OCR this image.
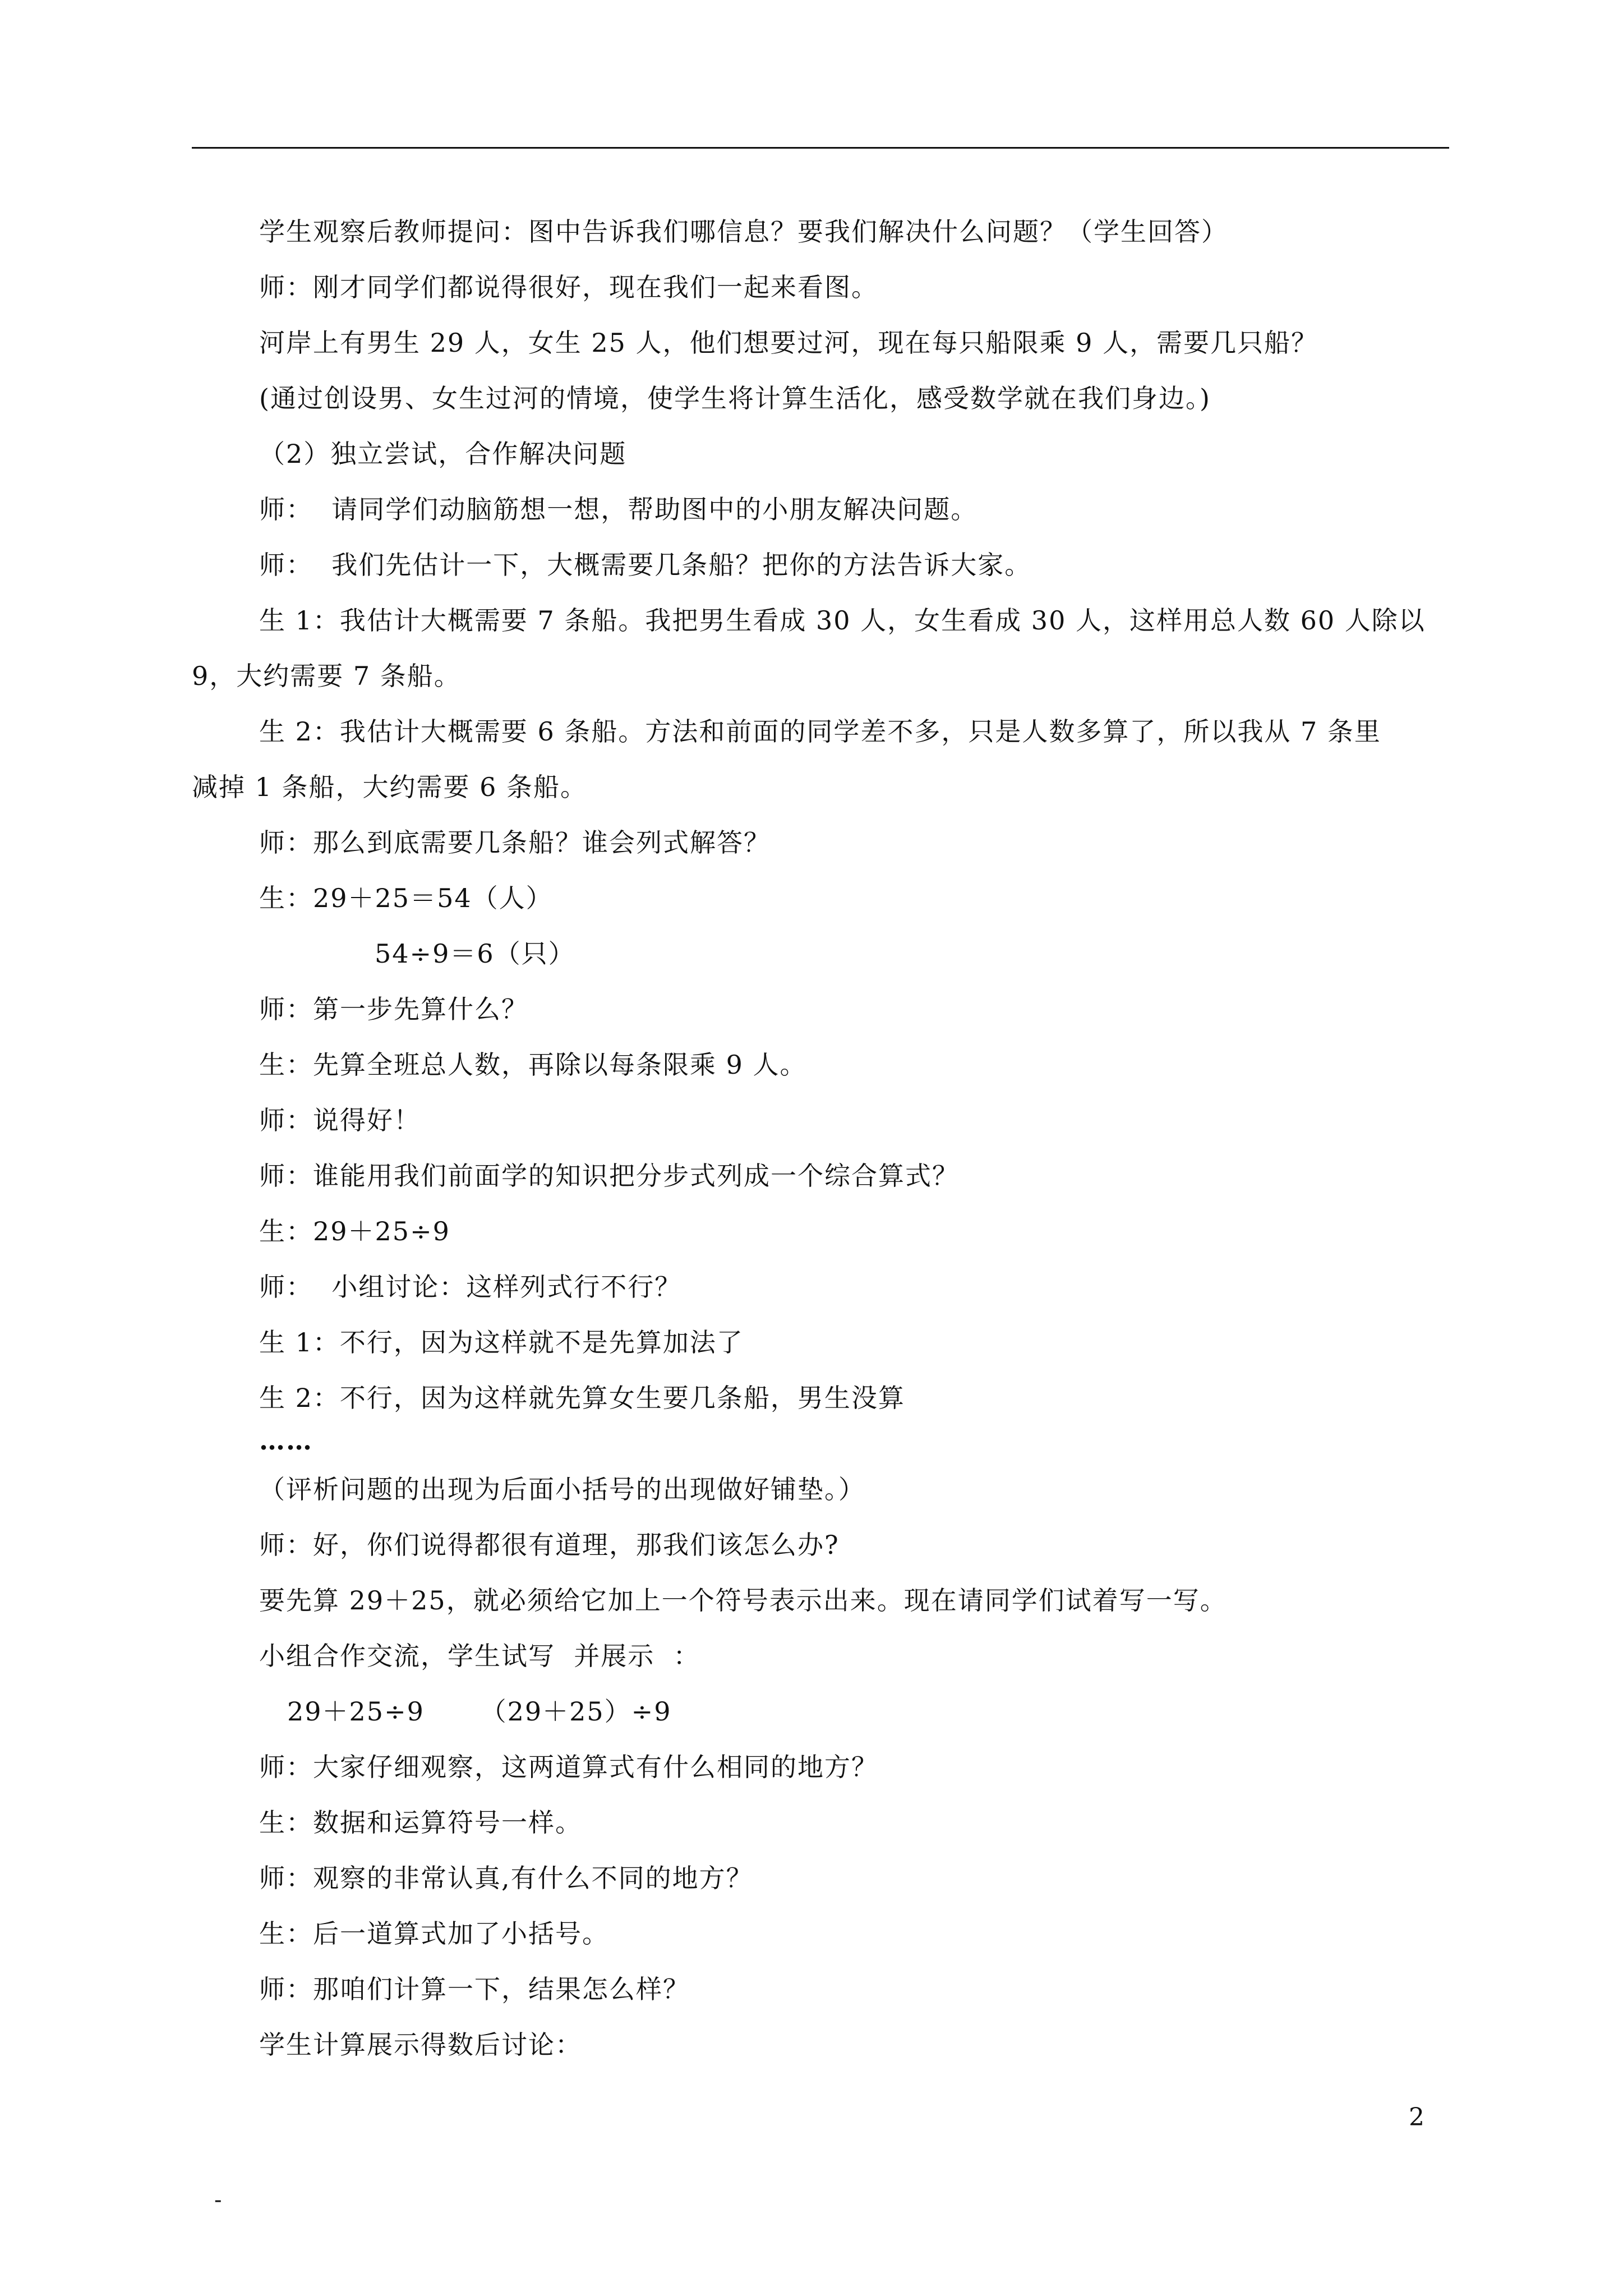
学生观察后教师提问：图中告诉我们哪信息？要我们解决什么问题？（学生回答）
师：刚才同学们都说得很好，现在我们一起来看图。
河岸上有男生 29 人，女生 25 人，他们想要过河，现在每只船限乘 9 人，需要几只船？
(通过创设男、女生过河的情境，使学生将计算生活化，感受数学就在我们身边。)
（2）独立尝试，合作解决问题
师：  请同学们动脑筋想一想，帮助图中的小朋友解决问题。
师：  我们先估计一下，大概需要几条船？把你的方法告诉大家。
生 1：我估计大概需要 7 条船。我把男生看成 30 人，女生看成 30 人，这样用总人数 60 人除以
9，大约需要 7 条船。
生 2：我估计大概需要 6 条船。方法和前面的同学差不多，只是人数多算了，所以我从 7 条里
减掉 1 条船，大约需要 6 条船。
师：那么到底需要几条船？谁会列式解答？
生：29＋25＝54（人）
54÷9＝6（只）
师：第一步先算什么？
生：先算全班总人数，再除以每条限乘 9 人。
师：说得好！
师：谁能用我们前面学的知识把分步式列成一个综合算式？
生：29＋25÷9
师：  小组讨论：这样列式行不行？
生 1：不行，因为这样就不是先算加法了
生 2：不行，因为这样就先算女生要几条船，男生没算
……
（评析问题的出现为后面小括号的出现做好铺垫。）
师：好，你们说得都很有道理，那我们该怎么办?
要先算 29＋25，就必须给它加上一个符号表示出来。现在请同学们试着写一写。
小组合作交流，学生试写  并展示  ：
29＋25÷9      （29＋25）÷9
师：大家仔细观察，这两道算式有什么相同的地方？
生：数据和运算符号一样。
师：观察的非常认真,有什么不同的地方？
生：后一道算式加了小括号。
师：那咱们计算一下，结果怎么样？
学生计算展示得数后讨论：
2
-
